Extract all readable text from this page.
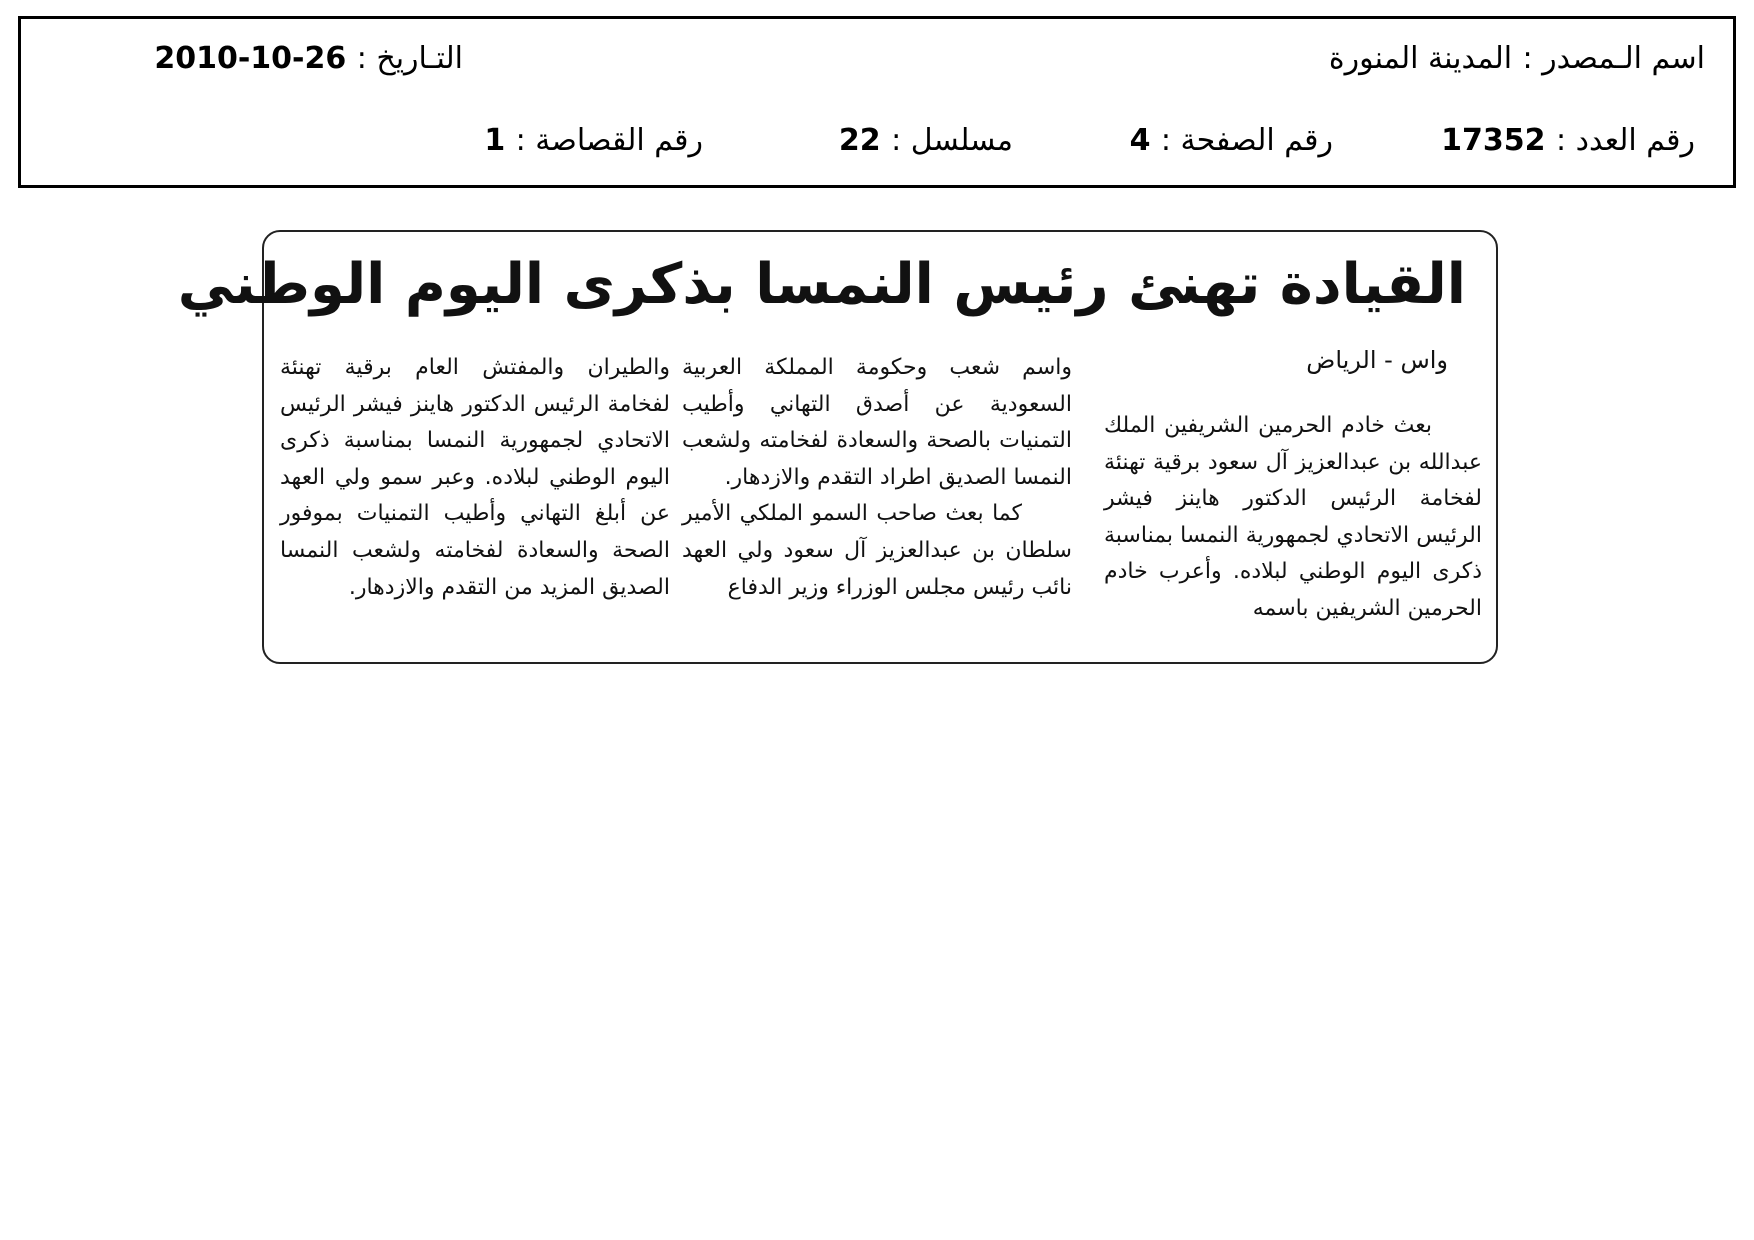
اسم الـمصدر : المدينة المنورة
التـاريخ : 2010-10-26
رقم العدد : 17352
رقم الصفحة : 4
مسلسل : 22
رقم القصاصة : 1
القيادة تهنئ رئيس النمسا بذكرى اليوم الوطني
واس - الرياض

بعث خادم الحرمين الشريفين الملك عبدالله بن عبدالعزيز آل سعود برقية تهنئة لفخامة الرئيس الدكتور هاينز فيشر الرئيس الاتحادي لجمهورية النمسا بمناسبة ذكرى اليوم الوطني لبلاده. وأعرب خادم الحرمين الشريفين باسمه

واسم شعب وحكومة المملكة العربية السعودية عن أصدق التهاني وأطيب التمنيات بالصحة والسعادة لفخامته ولشعب النمسا الصديق اطراد التقدم والازدهار.

كما بعث صاحب السمو الملكي الأمير سلطان بن عبدالعزيز آل سعود ولي العهد نائب رئيس مجلس الوزراء وزير الدفاع

والطيران والمفتش العام برقية تهنئة لفخامة الرئيس الدكتور هاينز فيشر الرئيس الاتحادي لجمهورية النمسا بمناسبة ذكرى اليوم الوطني لبلاده. وعبر سمو ولي العهد عن أبلغ التهاني وأطيب التمنيات بموفور الصحة والسعادة لفخامته ولشعب النمسا الصديق المزيد من التقدم والازدهار.
